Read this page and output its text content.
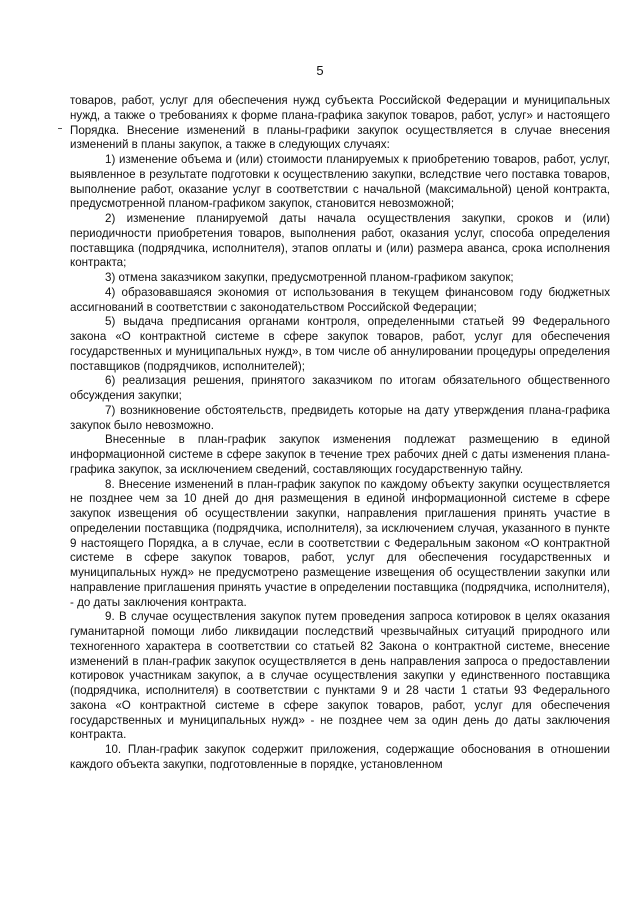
5

товаров, работ, услуг для обеспечения нужд субъекта Российской Федерации и муниципальных нужд, а также о требованиях к форме плана-графика закупок товаров, работ, услуг» и настоящего Порядка. Внесение изменений в планы-графики закупок осуществляется в случае внесения изменений в планы закупок, а также в следующих случаях:

1) изменение объема и (или) стоимости планируемых к приобретению товаров, работ, услуг, выявленное в результате подготовки к осуществлению закупки, вследствие чего поставка товаров, выполнение работ, оказание услуг в соответствии с начальной (максимальной) ценой контракта, предусмотренной планом-графиком закупок, становится невозможной;

2) изменение планируемой даты начала осуществления закупки, сроков и (или) периодичности приобретения товаров, выполнения работ, оказания услуг, способа определения поставщика (подрядчика, исполнителя), этапов оплаты и (или) размера аванса, срока исполнения контракта;

3) отмена заказчиком закупки, предусмотренной планом-графиком закупок;

4) образовавшаяся экономия от использования в текущем финансовом году бюджетных ассигнований в соответствии с законодательством Российской Федерации;

5) выдача предписания органами контроля, определенными статьей 99 Федерального закона «О контрактной системе в сфере закупок товаров, работ, услуг для обеспечения государственных и муниципальных нужд», в том числе об аннулировании процедуры определения поставщиков (подрядчиков, исполнителей);

6) реализация решения, принятого заказчиком по итогам обязательного общественного обсуждения закупки;

7) возникновение обстоятельств, предвидеть которые на дату утверждения плана-графика закупок было невозможно.

Внесенные в план-график закупок изменения подлежат размещению в единой информационной системе в сфере закупок в течение трех рабочих дней с даты изменения плана-графика закупок, за исключением сведений, составляющих государственную тайну.

8. Внесение изменений в план-график закупок по каждому объекту закупки осуществляется не позднее чем за 10 дней до дня размещения в единой информационной системе в сфере закупок извещения об осуществлении закупки, направления приглашения принять участие в определении поставщика (подрядчика, исполнителя), за исключением случая, указанного в пункте 9 настоящего Порядка, а в случае, если в соответствии с Федеральным законом «О контрактной системе в сфере закупок товаров, работ, услуг для обеспечения государственных и муниципальных нужд» не предусмотрено размещение извещения об осуществлении закупки или направление приглашения принять участие в определении поставщика (подрядчика, исполнителя), - до даты заключения контракта.

9. В случае осуществления закупок путем проведения запроса котировок в целях оказания гуманитарной помощи либо ликвидации последствий чрезвычайных ситуаций природного или техногенного характера в соответствии со статьей 82 Закона о контрактной системе, внесение изменений в план-график закупок осуществляется в день направления запроса о предоставлении котировок участникам закупок, а в случае осуществления закупки у единственного поставщика (подрядчика, исполнителя) в соответствии с пунктами 9 и 28 части 1 статьи 93 Федерального закона «О контрактной системе в сфере закупок товаров, работ, услуг для обеспечения государственных и муниципальных нужд» - не позднее чем за один день до даты заключения контракта.

10. План-график закупок содержит приложения, содержащие обоснования в отношении каждого объекта закупки, подготовленные в порядке, установленном
